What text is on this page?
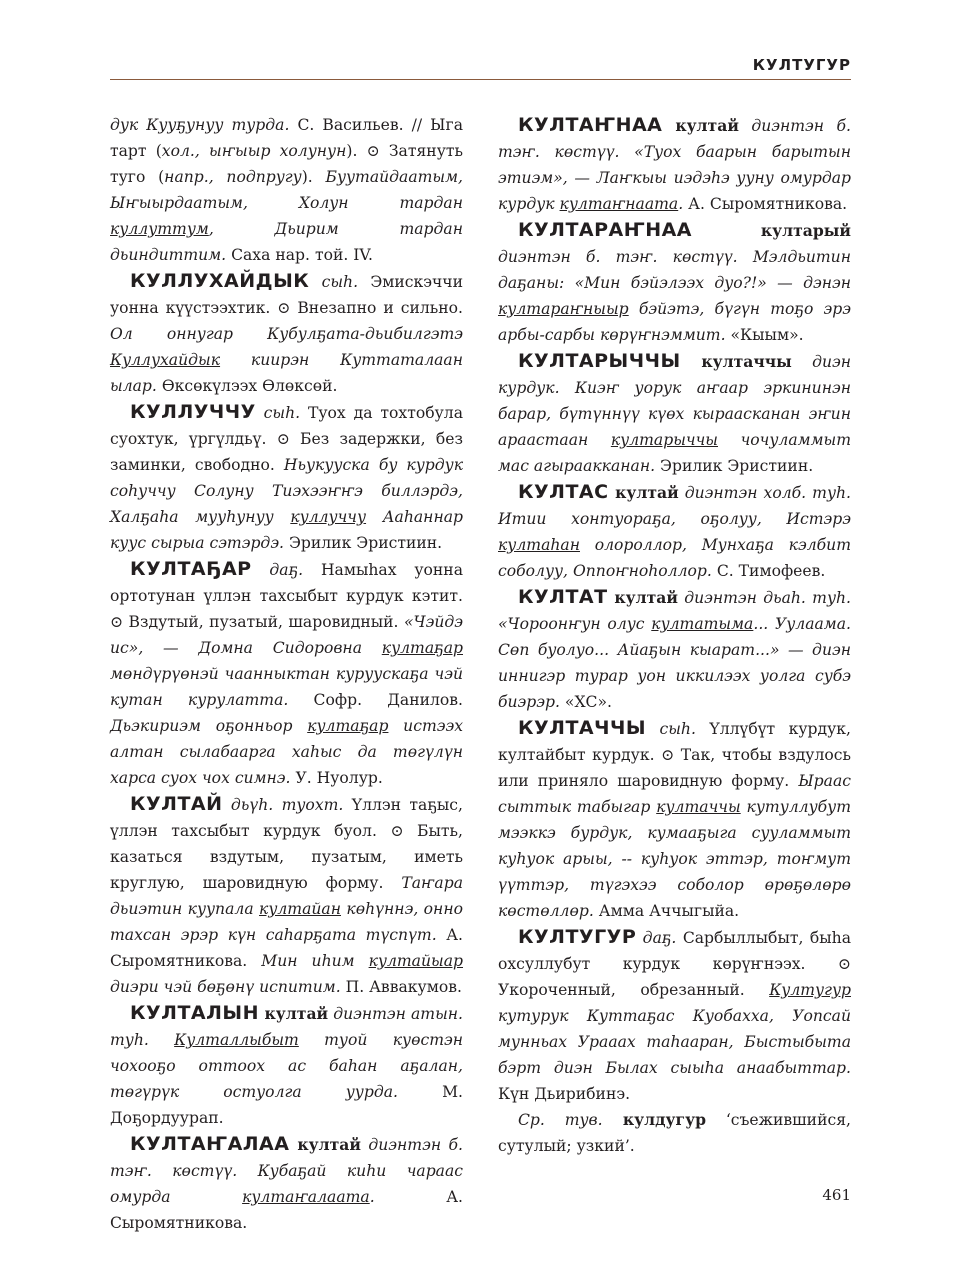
КУЛТУГУР

дук Кууҕунуу турда. С. Васильев. // Ыга тарт (хол., ыҥыыр холунун). ⊙ Затянуть туго (напр., подпругу). Буутайдаатым, Ыҥыырдаатым, Холун тардан куллуттум, Дьирим тардан дьиндиттим. Саха нар. той. IV.

КУЛЛУХАЙДЫК сыһ. Эмискэччи уонна күүстээхтик. ⊙ Внезапно и сильно. Ол оннугар Кубулҕата-дьибилгэтэ Куллухайдык киирэн Куттаталаан ылар. Өксөкүлээх Өлөксөй.

КУЛЛУЧЧУ сыһ. Туох да тохтобула суохтук, үргүлдьү. ⊙ Без задержки, без заминки, свободно. Ньукууска бу курдук соһуччу Солуну Тиэхээҥҥэ биллэрдэ, Халҕаһа мууһунуу куллуччу Ааһаннар куус сырыа сэтэрдэ. Эрилик Эристиин.

КУЛТАҔАР даҕ. Намыһах уонна ортотунан үллэн тахсыбыт курдук кэтит. ⊙ Вздутый, пузатый, шаровидный. «Чэйдэ ис», — Домна Сидоровна култаҕар мөндүрүөнэй чаанныктан куруускаҕа чэй кутан курулатта. Софр. Данилов. Дьэкириэм оҕонньор култаҕар истээх алтан сылабаарга хаһыс да төгүлүн харса суох чох симнэ. У. Нуолур.

КУЛТАЙ дьүһ. туохт. Үллэн таҕыс, үллэн тахсыбыт курдук буол. ⊙ Быть, казаться вздутым, пузатым, иметь круглую, шаровидную форму. Таҥара дьиэтин куупала култайан көһүннэ, онно тахсан эрэр күн саһарҕата түспүт. А. Сыромятникова. Мин иһим култайыар диэри чэй бөҕөнү испитим. П. Аввакумов.

КУЛТАЛЫН култай диэнтэн атын. туһ. Култаллыбыт туой куөстэн чохооҕо оттоох ас баһан аҕалан, төгүрүк остуолга уурда. М. Доҕордуурап.

КУЛТАҤАЛАА култай диэнтэн б. тэҥ. көстүү. Кубаҕай киһи чараас омурда култаҥалаата. А. Сыромятникова.

КУЛТАҤНАА култай диэнтэн б. тэҥ. көстүү. «Туох баарын барытын этиэм», — Лаҥкыы иэдэһэ ууну омурдар курдук култаҥнаата. А. Сыромятникова.

КУЛТАРАҤНАА култарый диэнтэн б. тэҥ. көстүү. Мэлдьитин даҕаны: «Мин бэйэлээх дуо?!» — дэнэн култараҥныыр бэйэтэ, бүгүн тоҕо эрэ арбы-сарбы көрүҥнэммит. «Кыым».

КУЛТАРЫЧЧЫ култаччы диэн курдук. Киэҥ уорук аҥаар эркининэн барар, бүтүннүү күөх кыраасканан эҥин араастаан култарыччы чочуламмыт мас агыраакканан. Эрилик Эристиин.

КУЛТАС култай диэнтэн холб. туһ. Итии хонтуораҕа, оҕолуу, Истэрэ култаһан олороллор, Мунхаҕа кэлбит соболуу, Оппоҥноһоллор. С. Тимофеев.

КУЛТАТ култай диэнтэн дьаһ. туһ. «Чороонҥун олус култатыма... Уулаама. Сөп буолуо... Айаҕын кыарат...» — диэн иннигэр турар уон иккилээх уолга субэ биэрэр. «ХС».

КУЛТАЧЧЫ сыһ. Үллүбүт курдук, култайбыт курдук. ⊙ Так, чтобы вздулось или приняло шаровидную форму. Ыраас сыттык табыгар култаччы кутуллубут мээккэ бурдук, кумааҕыга сууламмыт куһуок арыы, -- куһуок эттэр, тоҥмут үүттэр, түгэхээ соболор өрөҕөлөрө көстөллөр. Амма Аччыгыйа.

КУЛТУГУР даҕ. Сарбыллыбыт, быһа охсуллубут курдук көрүҥнээх. ⊙ Укороченный, обрезанный. Култугур кутурук Куттаҕас Куобахха, Уопсай мунньах Урааах таһааран, Быстыбыта бэрт диэн Былах сыыһа анаабыттар. Күн Дьирибинэ.

Ср. тув. кулдугур ‘съежившийся, сутулый; узкий’.

461
